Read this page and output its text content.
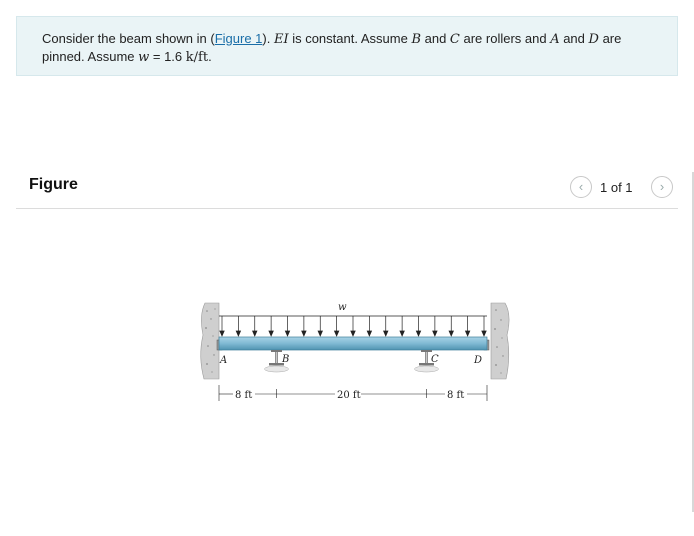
Consider the beam shown in (Figure 1). EI is constant. Assume B and C are rollers and A and D are pinned. Assume w = 1.6 k/ft.
Figure	‹	1 of 1	›
w
A	B	C	D
8 ft	20 ft	8 ft
